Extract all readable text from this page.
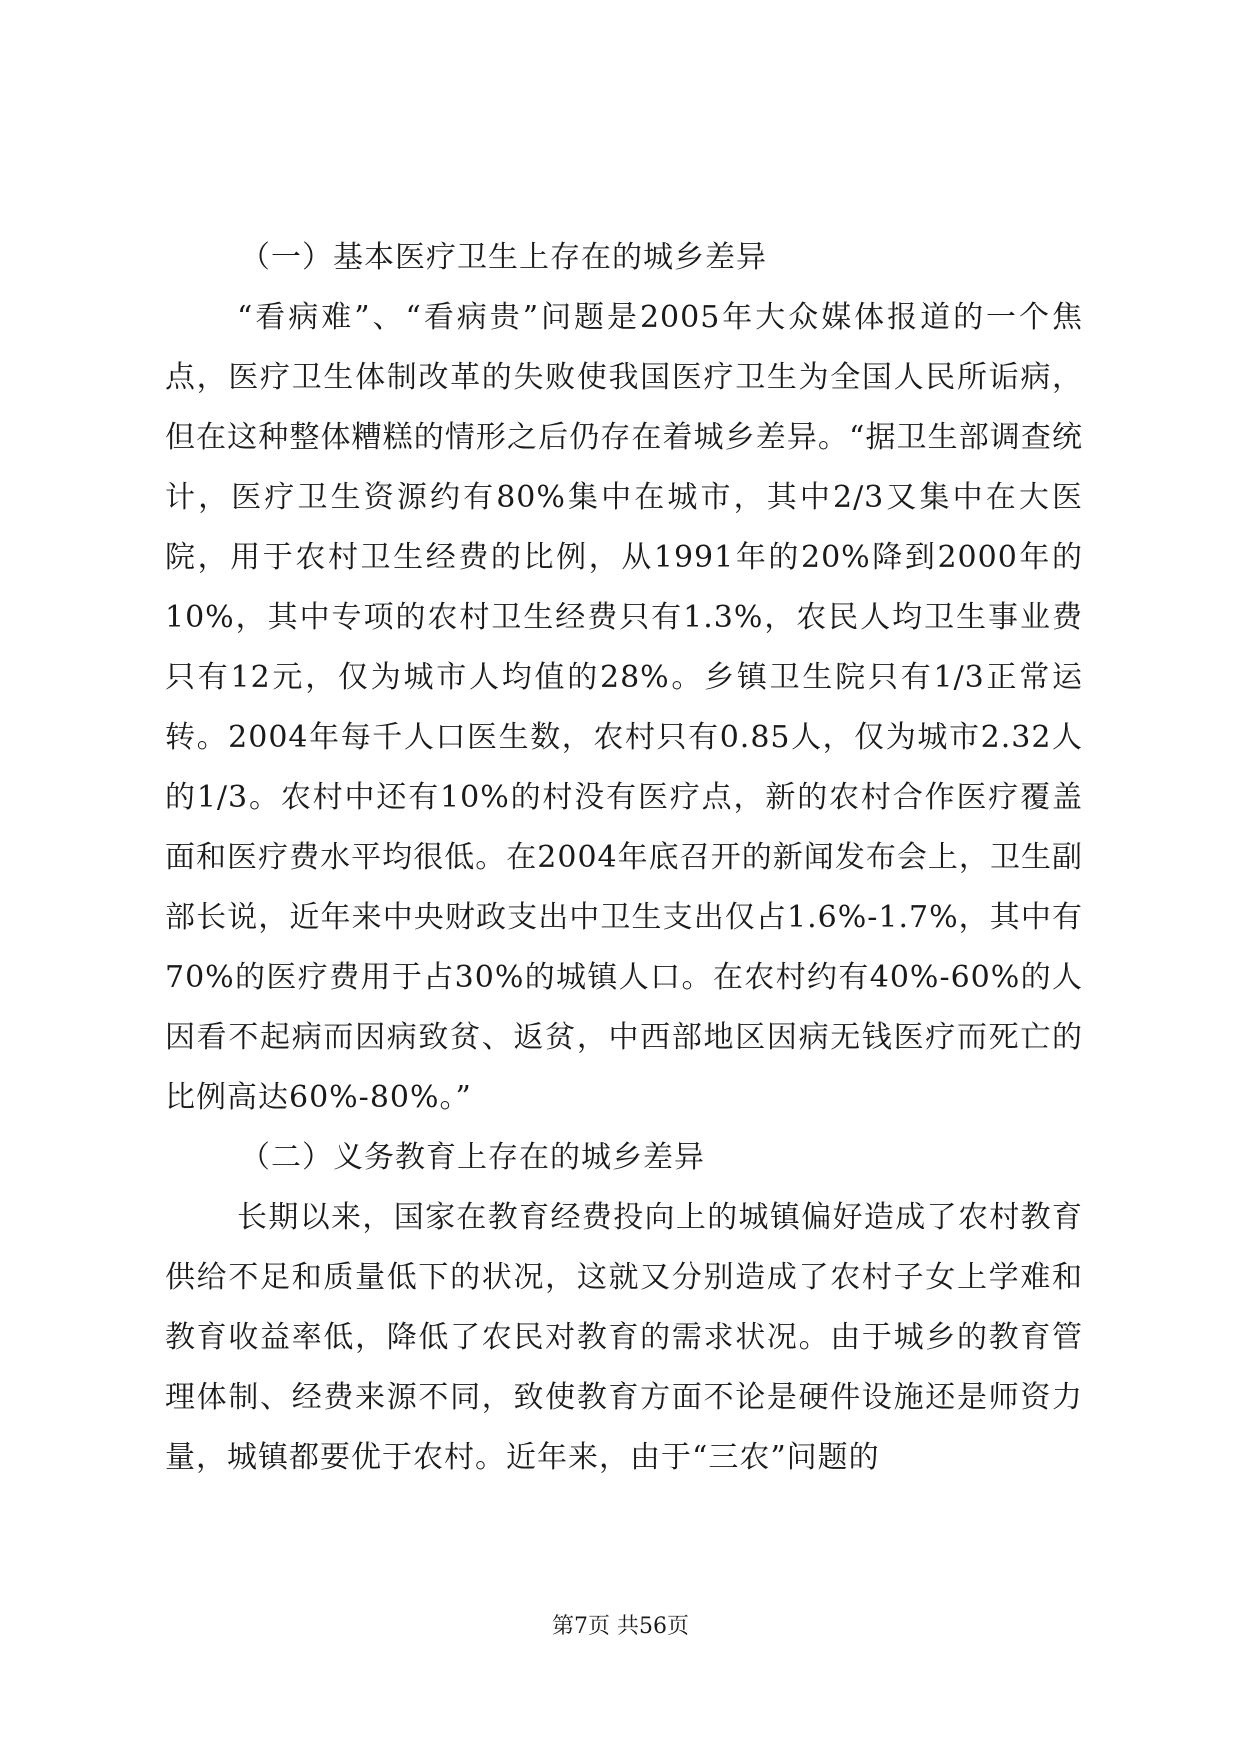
（一）基本医疗卫生上存在的城乡差异

“看病难”、“看病贵”问题是2005年大众媒体报道的一个焦点，医疗卫生体制改革的失败使我国医疗卫生为全国人民所诟病，但在这种整体糟糕的情形之后仍存在着城乡差异。“据卫生部调查统计，医疗卫生资源约有80%集中在城市，其中2/3又集中在大医院，用于农村卫生经费的比例，从1991年的20%降到2000年的10%，其中专项的农村卫生经费只有1.3%，农民人均卫生事业费只有12元，仅为城市人均值的28%。乡镇卫生院只有1/3正常运转。2004年每千人口医生数，农村只有0.85人，仅为城市2.32人的1/3。农村中还有10%的村没有医疗点，新的农村合作医疗覆盖面和医疗费水平均很低。在2004年底召开的新闻发布会上，卫生副部长说，近年来中央财政支出中卫生支出仅占1.6%-1.7%，其中有70%的医疗费用于占30%的城镇人口。在农村约有40%-60%的人因看不起病而因病致贫、返贫，中西部地区因病无钱医疗而死亡的比例高达60%-80%。”

（二）义务教育上存在的城乡差异

长期以来，国家在教育经费投向上的城镇偏好造成了农村教育供给不足和质量低下的状况，这就又分别造成了农村子女上学难和教育收益率低，降低了农民对教育的需求状况。由于城乡的教育管理体制、经费来源不同，致使教育方面不论是硬件设施还是师资力量，城镇都要优于农村。近年来，由于“三农”问题的

第7页 共56页
